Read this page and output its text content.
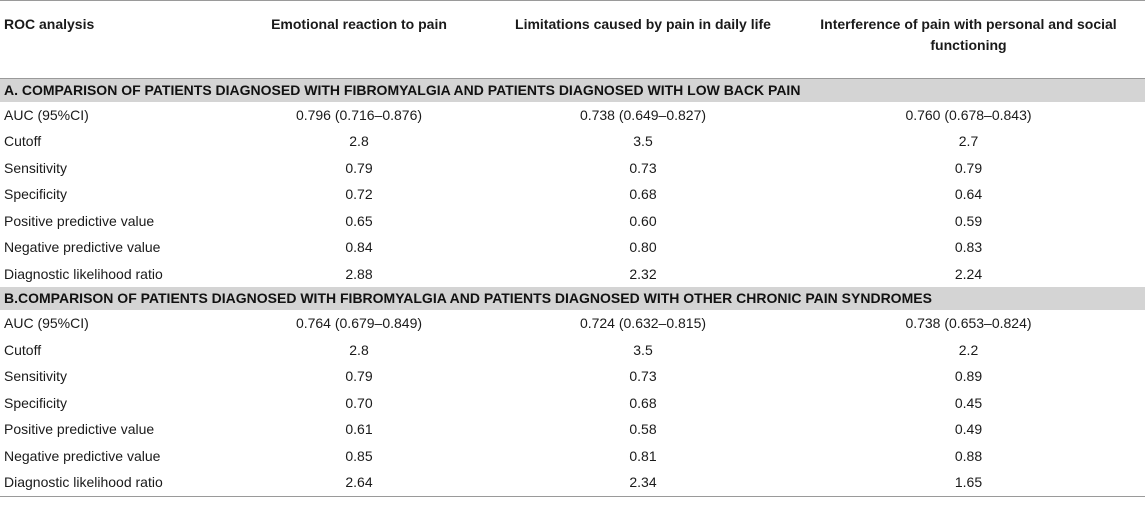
ROC analysis	Emotional reaction to pain	Limitations caused by pain in daily life	Interference of pain with personal and social functioning

A. COMPARISON OF PATIENTS DIAGNOSED WITH FIBROMYALGIA AND PATIENTS DIAGNOSED WITH LOW BACK PAIN			
AUC (95%CI)	0.796 (0.716–0.876)	0.738 (0.649–0.827)	0.760 (0.678–0.843)
Cutoff	2.8	3.5	2.7
Sensitivity	0.79	0.73	0.79
Specificity	0.72	0.68	0.64
Positive predictive value	0.65	0.60	0.59
Negative predictive value	0.84	0.80	0.83
Diagnostic likelihood ratio	2.88	2.32	2.24
B.COMPARISON OF PATIENTS DIAGNOSED WITH FIBROMYALGIA AND PATIENTS DIAGNOSED WITH OTHER CHRONIC PAIN SYNDROMES			
AUC (95%CI)	0.764 (0.679–0.849)	0.724 (0.632–0.815)	0.738 (0.653–0.824)
Cutoff	2.8	3.5	2.2
Sensitivity	0.79	0.73	0.89
Specificity	0.70	0.68	0.45
Positive predictive value	0.61	0.58	0.49
Negative predictive value	0.85	0.81	0.88
Diagnostic likelihood ratio	2.64	2.34	1.65
